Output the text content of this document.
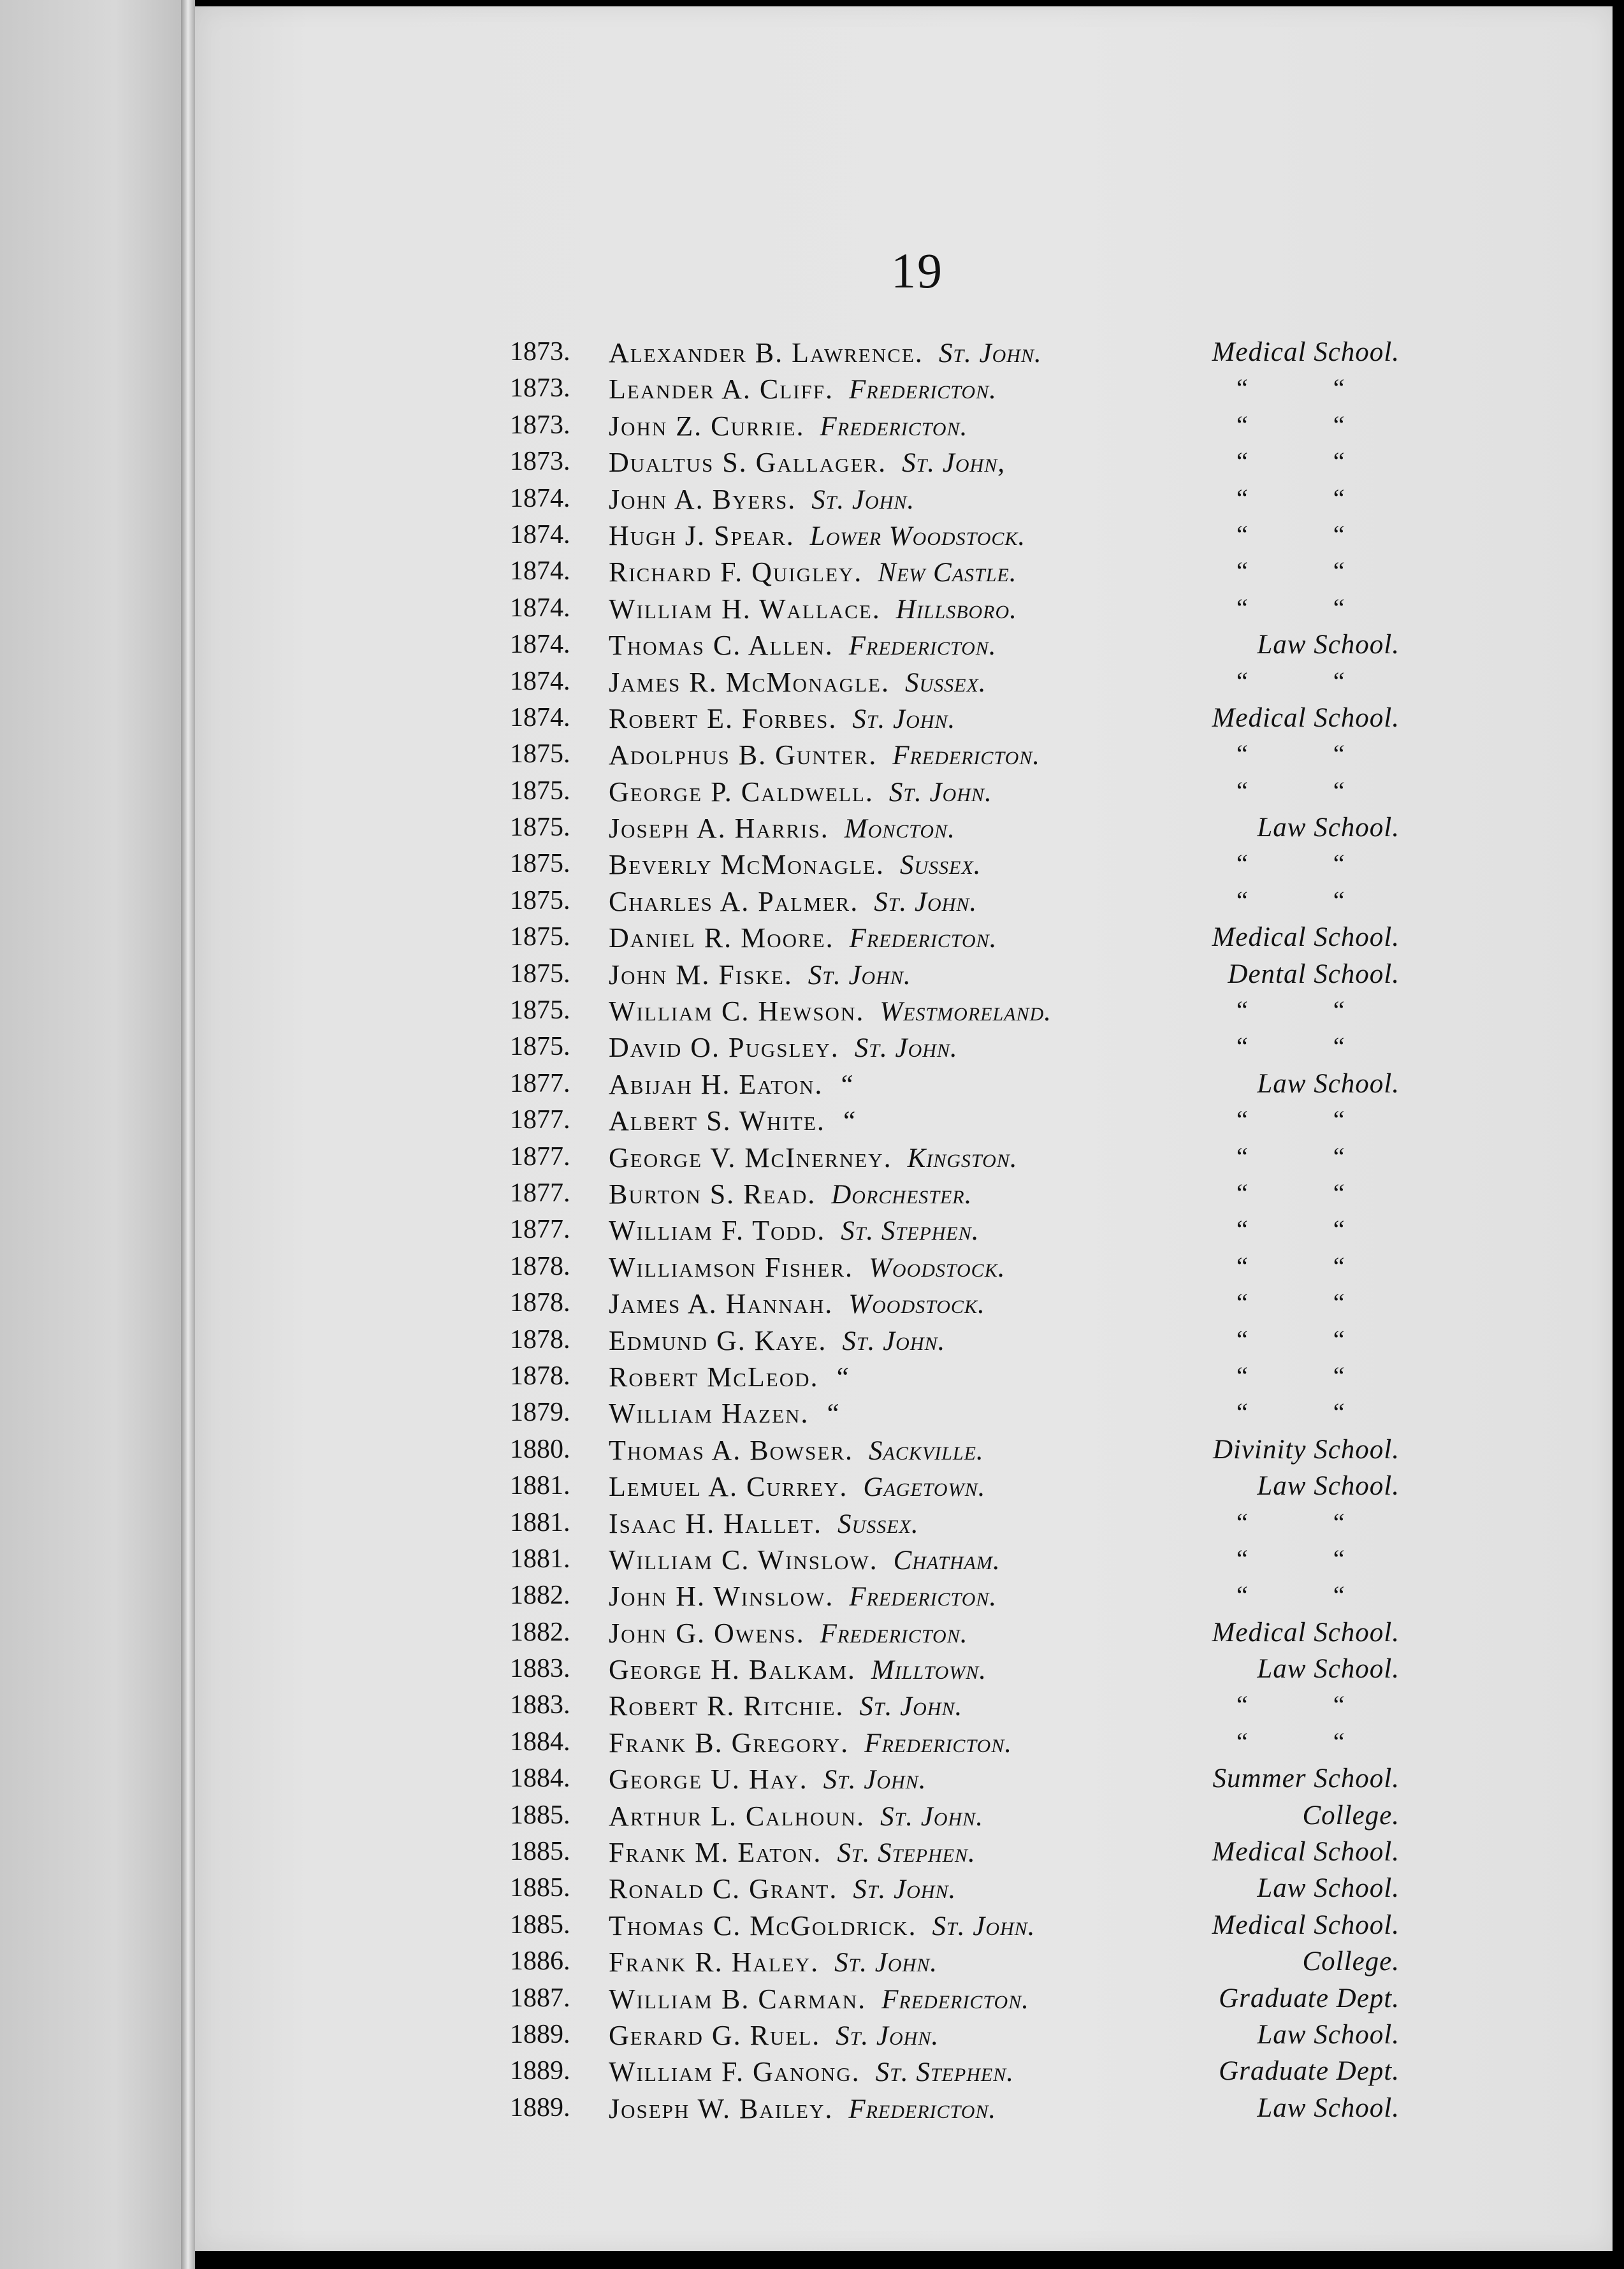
19
1873.	Alexander B. Lawrence. St. John.	Medical School.
1873.	Leander A. Cliff. Fredericton.	“ “
1873.	John Z. Currie. Fredericton.	“ “
1873.	Dualtus S. Gallager. St. John,	“ “
1874.	John A. Byers. St. John.	“ “
1874.	Hugh J. Spear. Lower Woodstock.	“ “
1874.	Richard F. Quigley. New Castle.	“ “
1874.	William H. Wallace. Hillsboro.	“ “
1874.	Thomas C. Allen. Fredericton.	Law School.
1874.	James R. McMonagle. Sussex.	“ “
1874.	Robert E. Forbes. St. John.	Medical School.
1875.	Adolphus B. Gunter. Fredericton.	“ “
1875.	George P. Caldwell. St. John.	“ “
1875.	Joseph A. Harris. Moncton.	Law School.
1875.	Beverly McMonagle. Sussex.	“ “
1875.	Charles A. Palmer. St. John.	“ “
1875.	Daniel R. Moore. Fredericton.	Medical School.
1875.	John M. Fiske. St. John.	Dental School.
1875.	William C. Hewson. Westmoreland.	“ “
1875.	David O. Pugsley. St. John.	“ “
1877.	Abijah H. Eaton. “	Law School.
1877.	Albert S. White. “	“ “
1877.	George V. McInerney. Kingston.	“ “
1877.	Burton S. Read. Dorchester.	“ “
1877.	William F. Todd. St. Stephen.	“ “
1878.	Williamson Fisher. Woodstock.	“ “
1878.	James A. Hannah. Woodstock.	“ “
1878.	Edmund G. Kaye. St. John.	“ “
1878.	Robert McLeod. “	“ “
1879.	William Hazen. “	“ “
1880.	Thomas A. Bowser. Sackville.	Divinity School.
1881.	Lemuel A. Currey. Gagetown.	Law School.
1881.	Isaac H. Hallet. Sussex.	“ “
1881.	William C. Winslow. Chatham.	“ “
1882.	John H. Winslow. Fredericton.	“ “
1882.	John G. Owens. Fredericton.	Medical School.
1883.	George H. Balkam. Milltown.	Law School.
1883.	Robert R. Ritchie. St. John.	“ “
1884.	Frank B. Gregory. Fredericton.	“ “
1884.	George U. Hay. St. John.	Summer School.
1885.	Arthur L. Calhoun. St. John.	College.
1885.	Frank M. Eaton. St. Stephen.	Medical School.
1885.	Ronald C. Grant. St. John.	Law School.
1885.	Thomas C. McGoldrick. St. John.	Medical School.
1886.	Frank R. Haley. St. John.	College.
1887.	William B. Carman. Fredericton.	Graduate Dept.
1889.	Gerard G. Ruel. St. John.	Law School.
1889.	William F. Ganong. St. Stephen.	Graduate Dept.
1889.	Joseph W. Bailey. Fredericton.	Law School.
